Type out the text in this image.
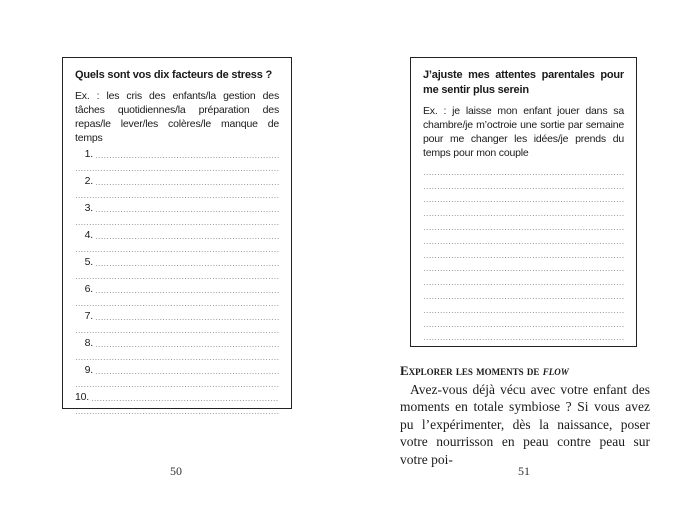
Quels sont vos dix facteurs de stress ?
Ex. : les cris des enfants/la gestion des tâches quotidiennes/la préparation des repas/le lever/les colères/le manque de temps
1.
2.
3.
4.
5.
6.
7.
8.
9.
10.
J’ajuste mes attentes parentales pour me sentir plus serein
Ex. : je laisse mon enfant jouer dans sa chambre/je m’octroie une sortie par semaine pour me changer les idées/je prends du temps pour mon couple
Explorer les moments de flow
Avez-vous déjà vécu avec votre enfant des moments en totale symbiose ? Si vous avez pu l’expérimenter, dès la naissance, poser votre nourrisson en peau contre peau sur votre poi-
50	51
